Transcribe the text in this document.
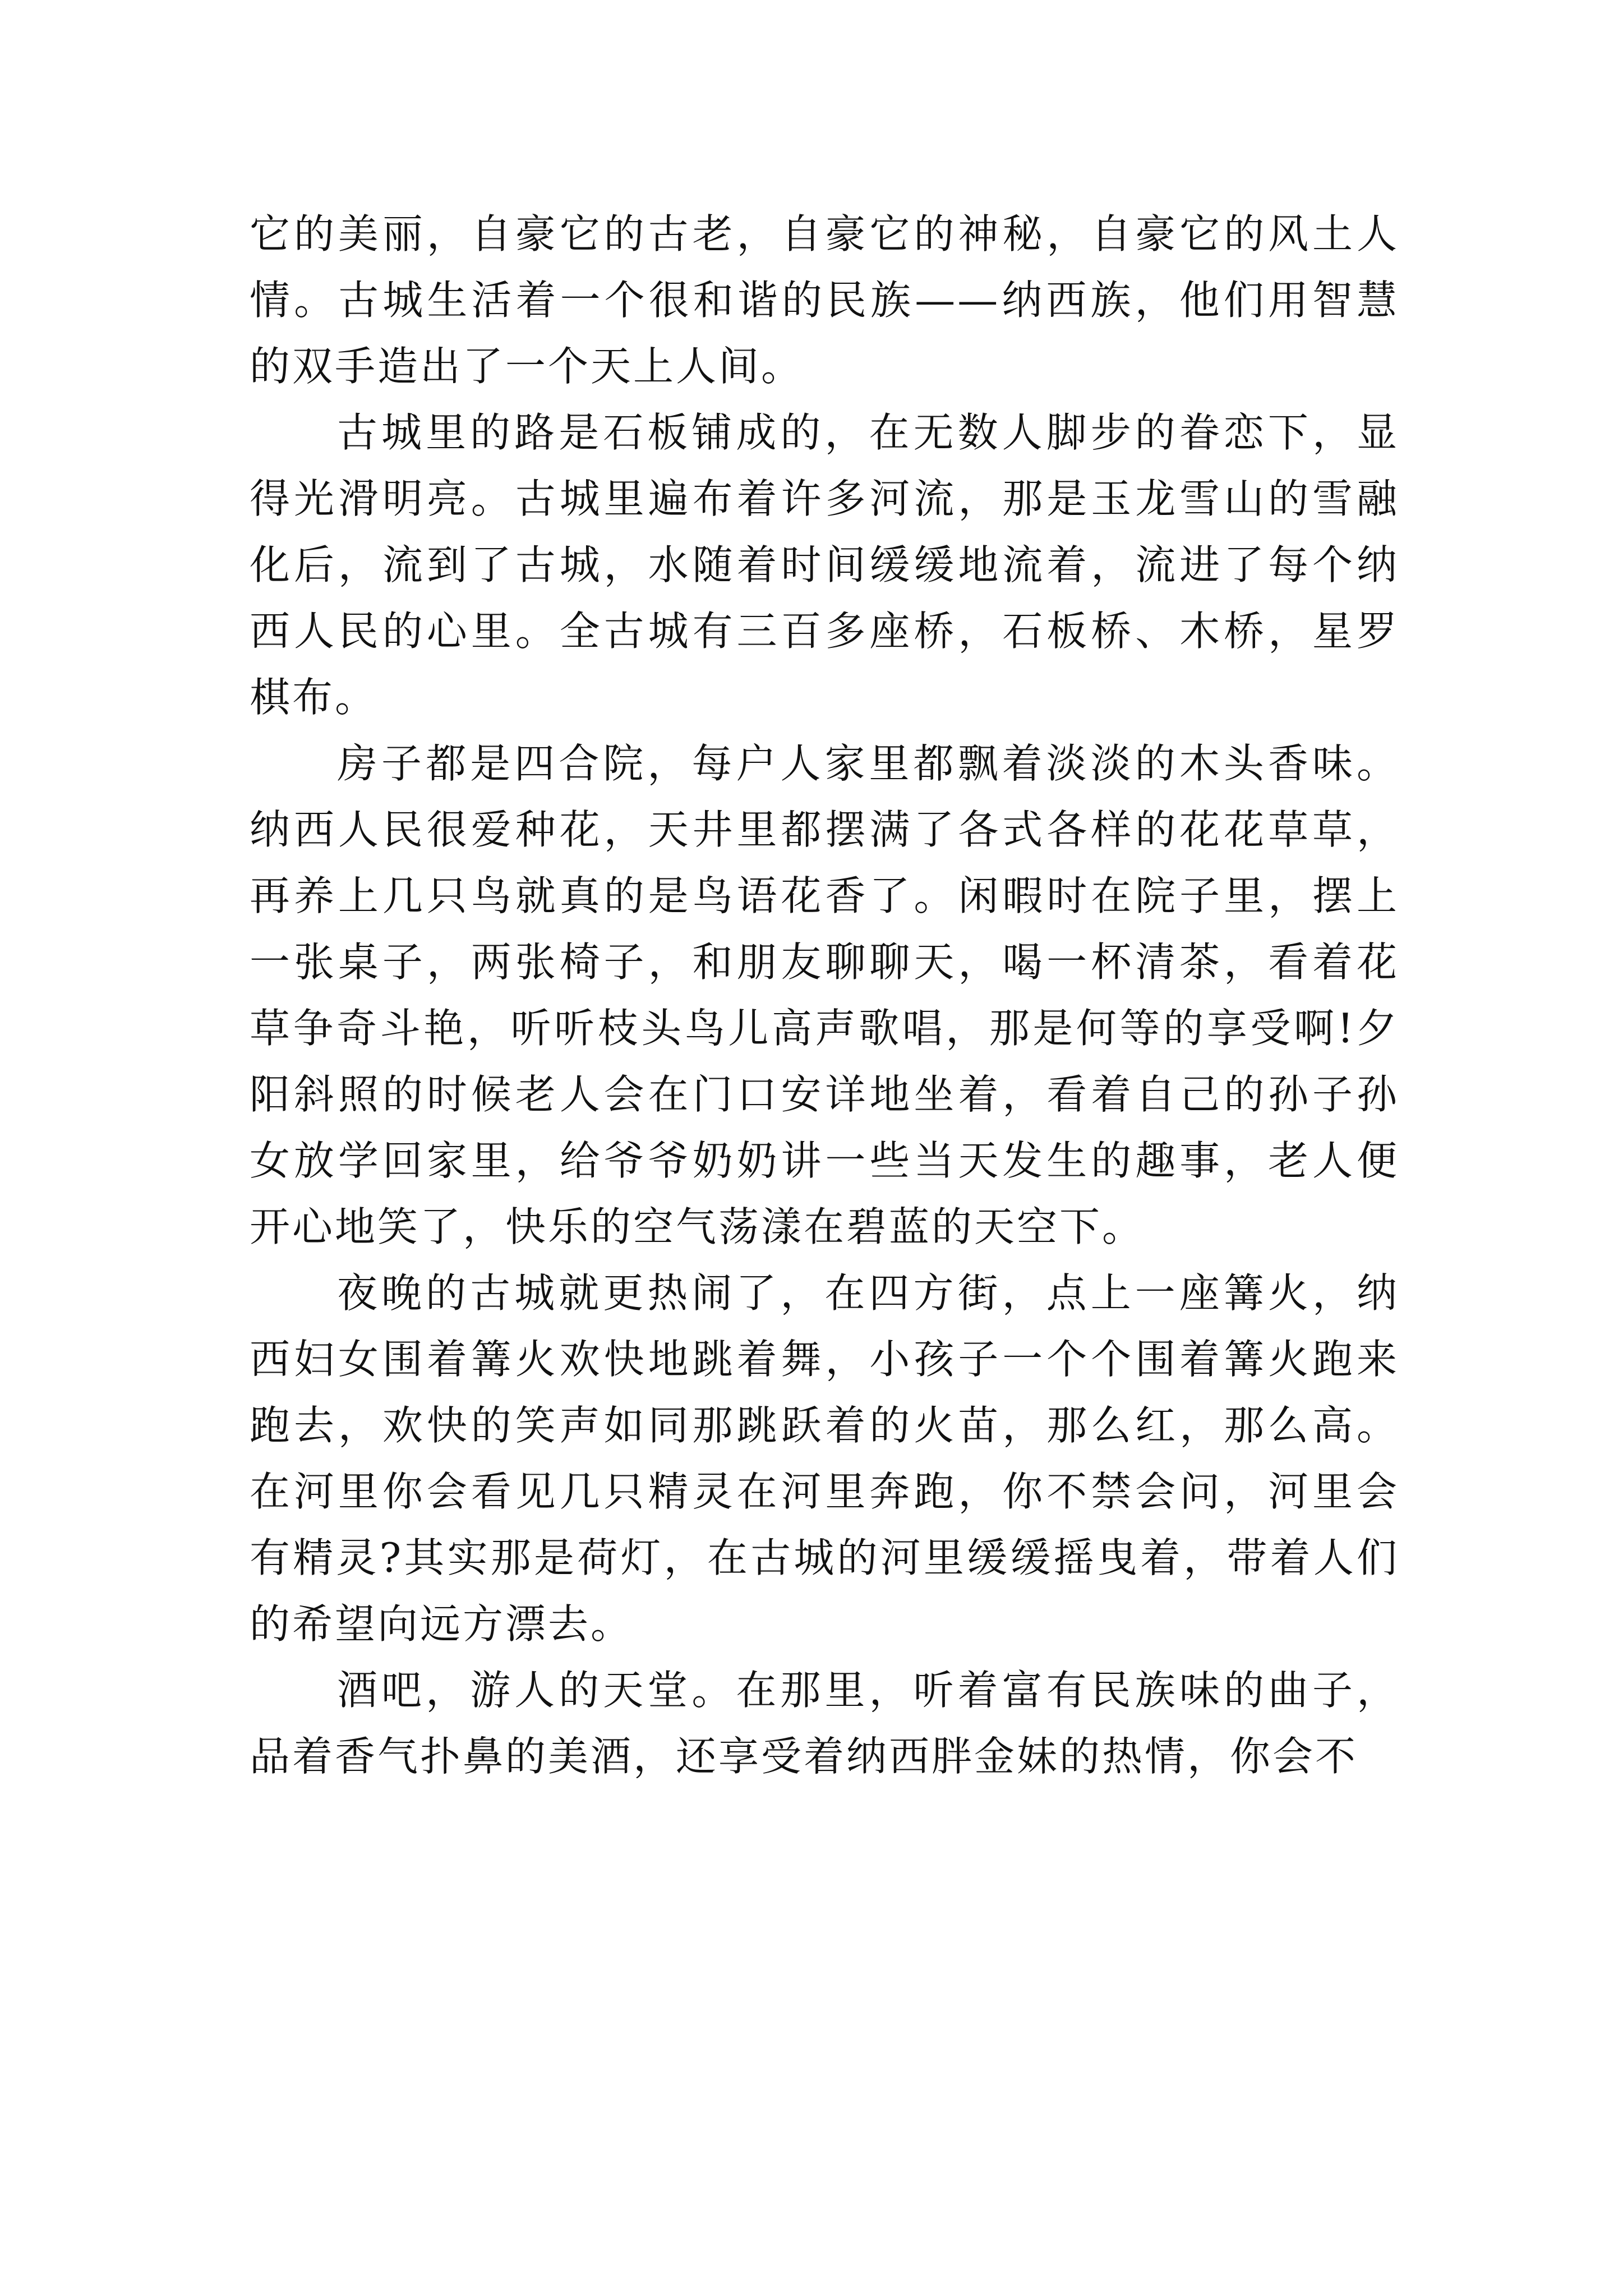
它的美丽，自豪它的古老，自豪它的神秘，自豪它的风土人情。古城生活着一个很和谐的民族——纳西族，他们用智慧的双手造出了一个天上人间。

古城里的路是石板铺成的，在无数人脚步的眷恋下，显得光滑明亮。古城里遍布着许多河流，那是玉龙雪山的雪融化后，流到了古城，水随着时间缓缓地流着，流进了每个纳西人民的心里。全古城有三百多座桥，石板桥、木桥，星罗棋布。

房子都是四合院，每户人家里都飘着淡淡的木头香味。纳西人民很爱种花，天井里都摆满了各式各样的花花草草，再养上几只鸟就真的是鸟语花香了。闲暇时在院子里，摆上一张桌子，两张椅子，和朋友聊聊天，喝一杯清茶，看着花草争奇斗艳，听听枝头鸟儿高声歌唱，那是何等的享受啊!夕阳斜照的时候老人会在门口安详地坐着，看着自己的孙子孙女放学回家里，给爷爷奶奶讲一些当天发生的趣事，老人便开心地笑了，快乐的空气荡漾在碧蓝的天空下。

夜晚的古城就更热闹了，在四方街，点上一座篝火，纳西妇女围着篝火欢快地跳着舞，小孩子一个个围着篝火跑来跑去，欢快的笑声如同那跳跃着的火苗，那么红，那么高。在河里你会看见几只精灵在河里奔跑，你不禁会问，河里会有精灵?其实那是荷灯，在古城的河里缓缓摇曳着，带着人们的希望向远方漂去。

酒吧，游人的天堂。在那里，听着富有民族味的曲子，品着香气扑鼻的美酒，还享受着纳西胖金妹的热情，你会不
